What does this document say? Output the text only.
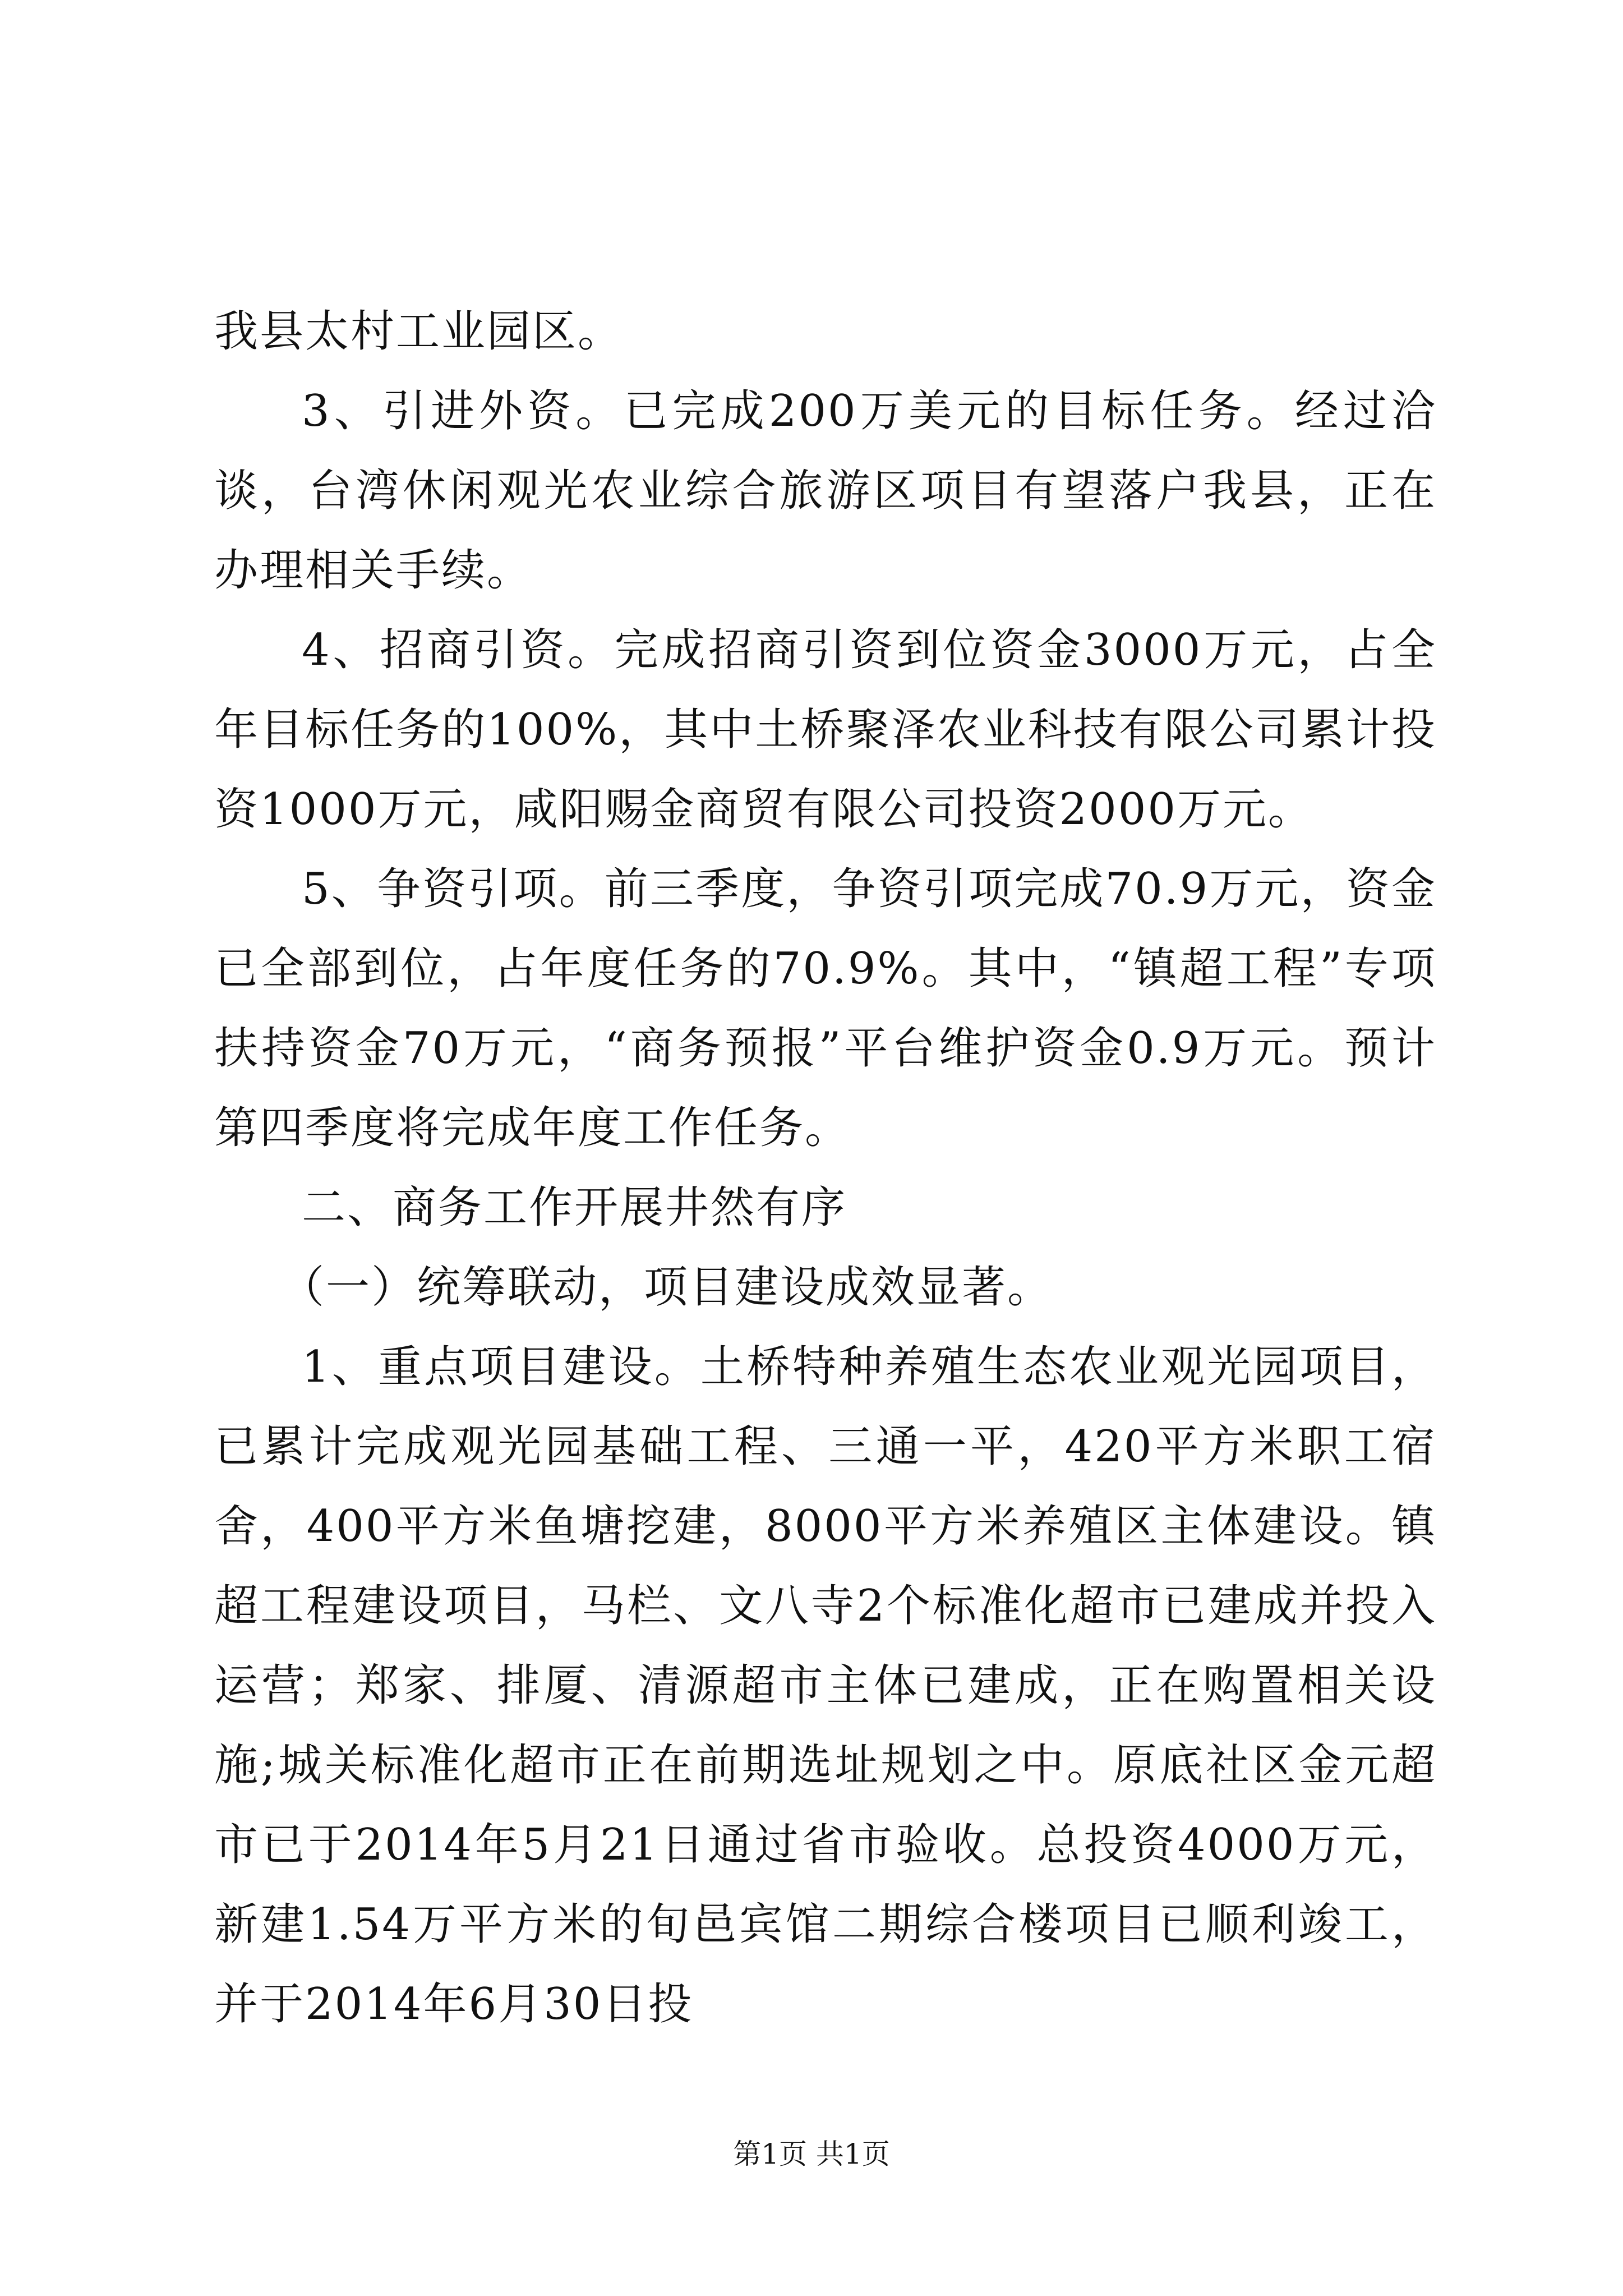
我县太村工业园区。

3、引进外资。已完成200万美元的目标任务。经过洽谈，台湾休闲观光农业综合旅游区项目有望落户我县，正在办理相关手续。

4、招商引资。完成招商引资到位资金3000万元，占全年目标任务的100%，其中土桥聚泽农业科技有限公司累计投资1000万元，咸阳赐金商贸有限公司投资2000万元。

5、争资引项。前三季度，争资引项完成70.9万元，资金已全部到位，占年度任务的70.9%。其中，“镇超工程”专项扶持资金70万元，“商务预报”平台维护资金0.9万元。预计第四季度将完成年度工作任务。

二、商务工作开展井然有序

（一）统筹联动，项目建设成效显著。

1、重点项目建设。土桥特种养殖生态农业观光园项目，已累计完成观光园基础工程、三通一平，420平方米职工宿舍，400平方米鱼塘挖建，8000平方米养殖区主体建设。镇超工程建设项目，马栏、文八寺2个标准化超市已建成并投入运营；郑家、排厦、清源超市主体已建成，正在购置相关设施;城关标准化超市正在前期选址规划之中。原底社区金元超市已于2014年5月21日通过省市验收。总投资4000万元，新建1.54万平方米的旬邑宾馆二期综合楼项目已顺利竣工，并于2014年6月30日投

第1页 共1页
